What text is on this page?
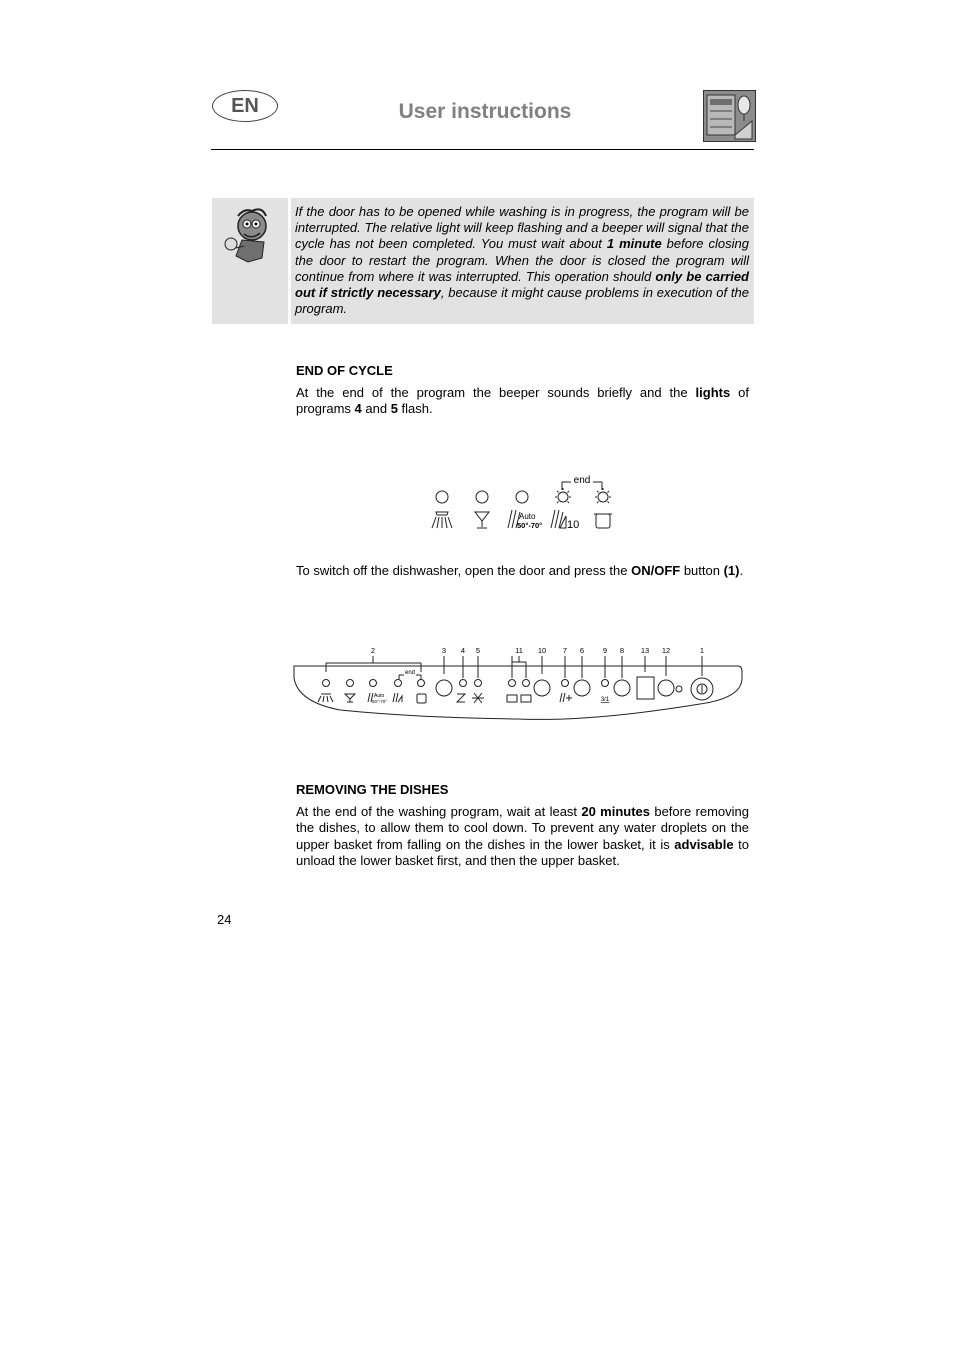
EN	User instructions
If the door has to be opened while washing is in progress, the program will be interrupted. The relative light will keep flashing and a beeper will signal that the cycle has not been completed. You must wait about 1 minute before closing the door to restart the program. When the door is closed the program will continue from where it was interrupted. This operation should only be carried out if strictly necessary, because it might cause problems in execution of the program.
END OF CYCLE
At the end of the program the beeper sounds briefly and the lights of programs 4 and 5 flash.
end
Auto
50°-70° 10
To switch off the dishwasher, open the door and press the ON/OFF button (1).
2	3 4 5	11 10 7 6	9 8 13 12	1
end
Auto
50°-70°	3/1
REMOVING THE DISHES
At the end of the washing program, wait at least 20 minutes before removing the dishes, to allow them to cool down. To prevent any water droplets on the upper basket from falling on the dishes in the lower basket, it is advisable to unload the lower basket first, and then the upper basket.
24
